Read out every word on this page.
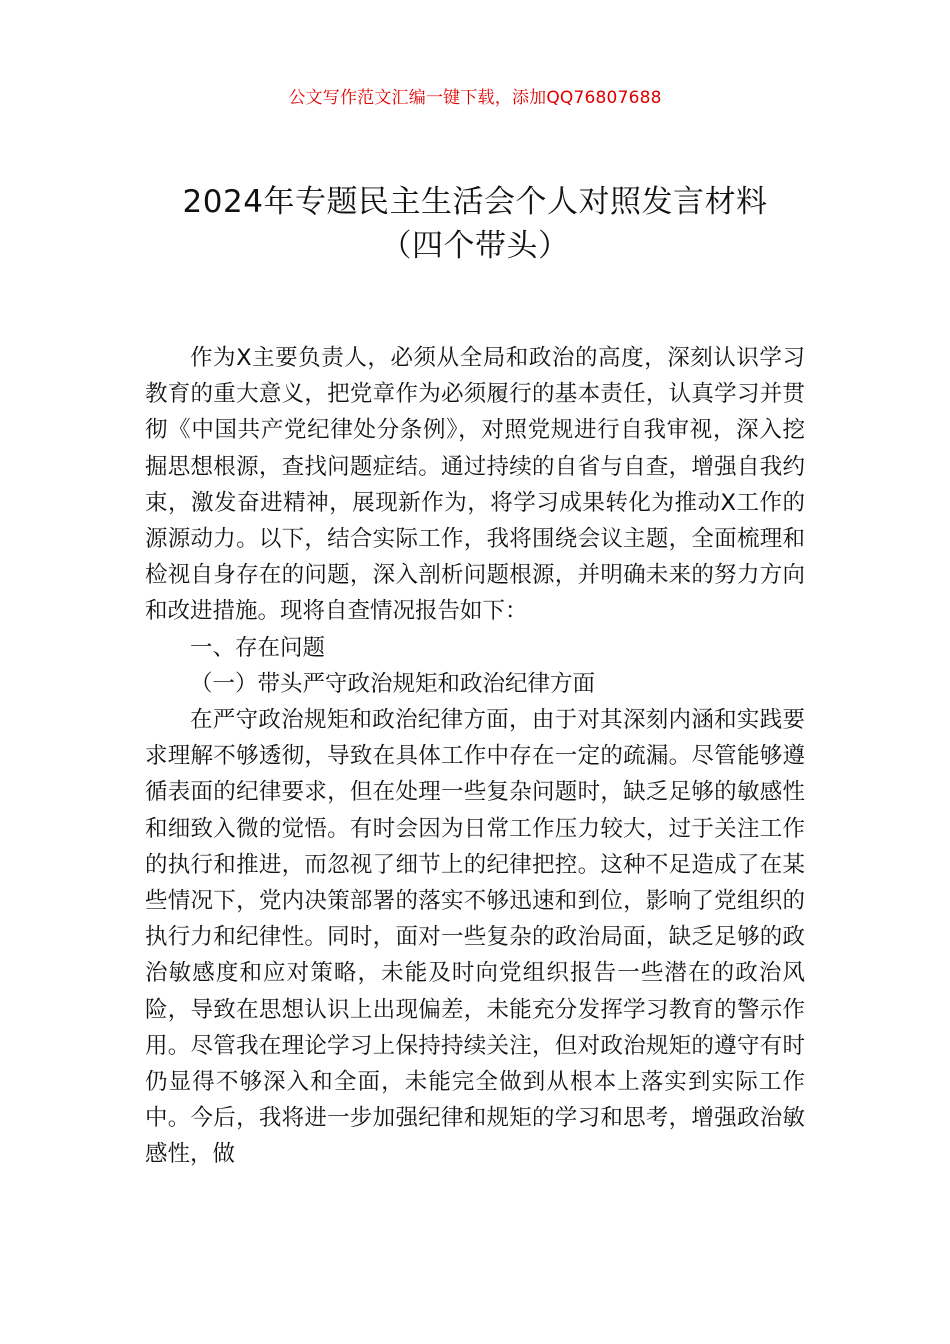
公文写作范文汇编一键下载，添加QQ76807688
2024年专题民主生活会个人对照发言材料
（四个带头）

作为X主要负责人，必须从全局和政治的高度，深刻认识学习教育的重大意义，把党章作为必须履行的基本责任，认真学习并贯彻《中国共产党纪律处分条例》，对照党规进行自我审视，深入挖掘思想根源，查找问题症结。通过持续的自省与自查，增强自我约束，激发奋进精神，展现新作为，将学习成果转化为推动X工作的源源动力。以下，结合实际工作，我将围绕会议主题，全面梳理和检视自身存在的问题，深入剖析问题根源，并明确未来的努力方向和改进措施。现将自查情况报告如下：

一、存在问题

（一）带头严守政治规矩和政治纪律方面

在严守政治规矩和政治纪律方面，由于对其深刻内涵和实践要求理解不够透彻，导致在具体工作中存在一定的疏漏。尽管能够遵循表面的纪律要求，但在处理一些复杂问题时，缺乏足够的敏感性和细致入微的觉悟。有时会因为日常工作压力较大，过于关注工作的执行和推进，而忽视了细节上的纪律把控。这种不足造成了在某些情况下，党内决策部署的落实不够迅速和到位，影响了党组织的执行力和纪律性。同时，面对一些复杂的政治局面，缺乏足够的政治敏感度和应对策略，未能及时向党组织报告一些潜在的政治风险，导致在思想认识上出现偏差，未能充分发挥学习教育的警示作用。尽管我在理论学习上保持持续关注，但对政治规矩的遵守有时仍显得不够深入和全面，未能完全做到从根本上落实到实际工作中。今后，我将进一步加强纪律和规矩的学习和思考，增强政治敏感性，做
